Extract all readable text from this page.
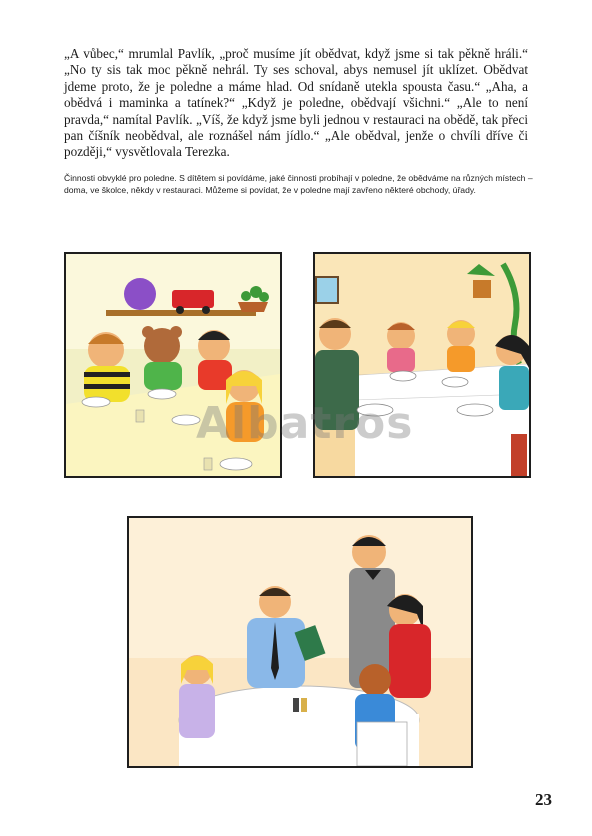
„A vůbec,“ mrumlal Pavlík, „proč musíme jít obědvat, když jsme si tak pěkně hráli.“ „No ty sis tak moc pěkně nehrál. Ty ses schoval, abys nemusel jít uklízet. Obědvat jdeme proto, že je poledne a máme hlad. Od snídaně utekla spousta času.“ „Aha, a obědvá i maminka a tatínek?“ „Když je poledne, obědvají všichni.“ „Ale to není pravda,“ namítal Pavlík. „Víš, že když jsme byli jednou v restauraci na obědě, tak přeci pan číšník neobědval, ale roznášel nám jídlo.“ „Ale obědval, jenže o chvíli dříve či později,“ vysvětlovala Terezka.

Činnosti obvyklé pro poledne. S dítětem si povídáme, jaké činnosti probíhají v poledne, že obědváme na různých místech – doma, ve školce, někdy v restauraci. Můžeme si povídat, že v poledne mají zavřeno některé obchody, úřady.

Albatros
23
